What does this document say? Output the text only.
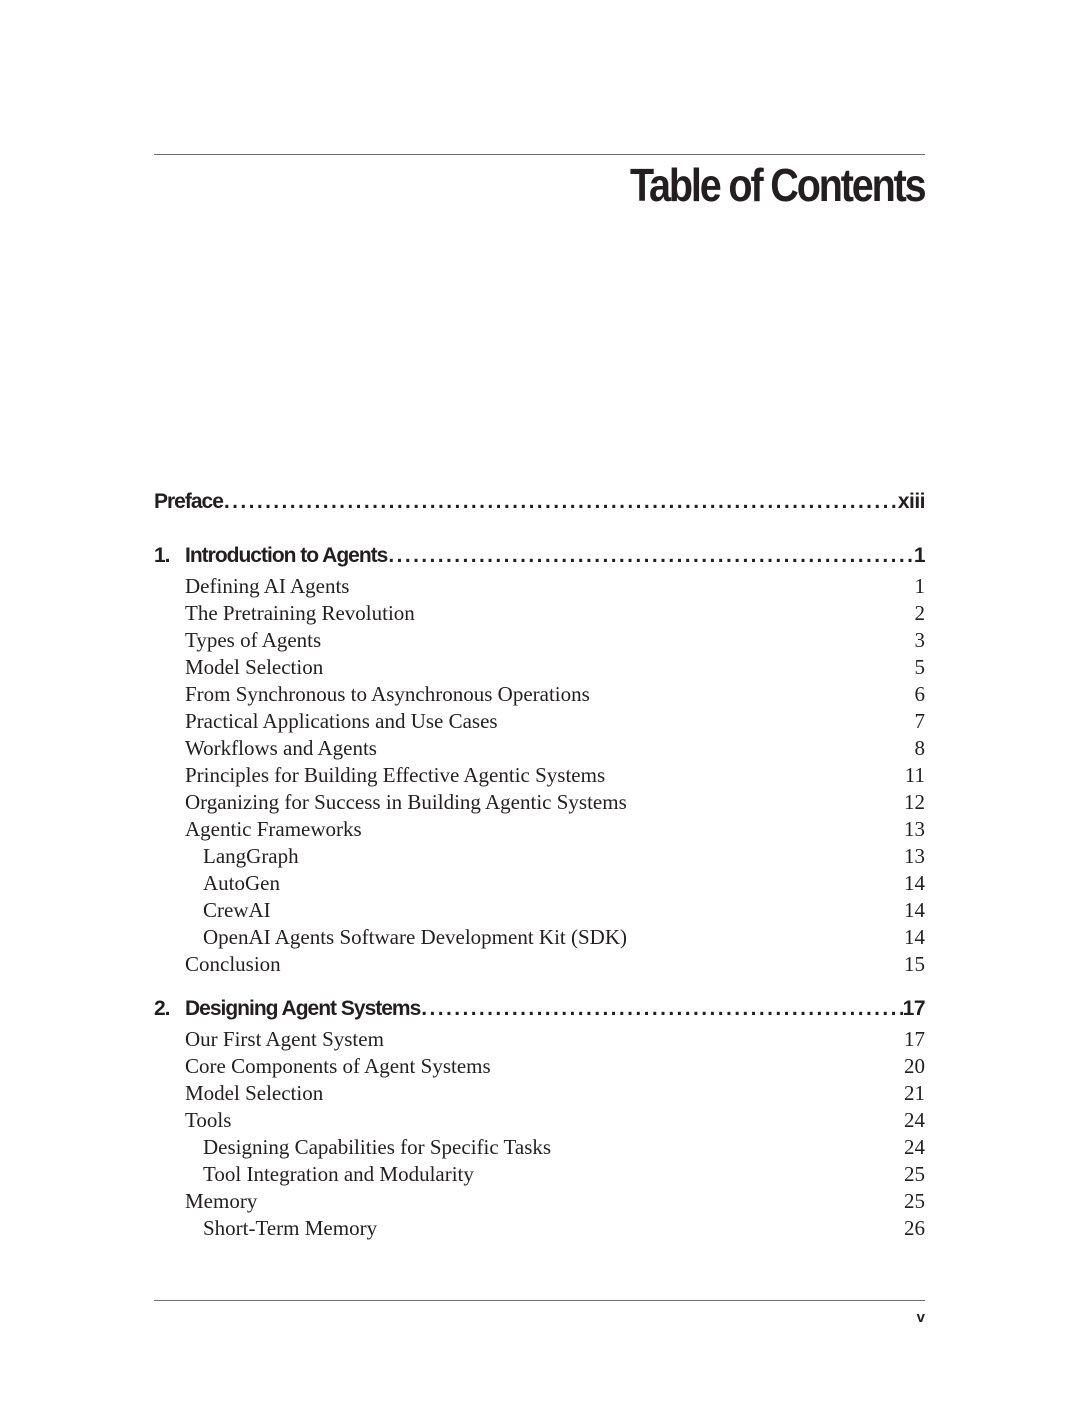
Table of Contents
Preface .....	xiii
1. Introduction to Agents .....	1
Defining AI Agents	1
The Pretraining Revolution	2
Types of Agents	3
Model Selection	5
From Synchronous to Asynchronous Operations	6
Practical Applications and Use Cases	7
Workflows and Agents	8
Principles for Building Effective Agentic Systems	11
Organizing for Success in Building Agentic Systems	12
Agentic Frameworks	13
LangGraph	13
AutoGen	14
CrewAI	14
OpenAI Agents Software Development Kit (SDK)	14
Conclusion	15
2. Designing Agent Systems .....	17
Our First Agent System	17
Core Components of Agent Systems	20
Model Selection	21
Tools	24
Designing Capabilities for Specific Tasks	24
Tool Integration and Modularity	25
Memory	25
Short-Term Memory	26
v
